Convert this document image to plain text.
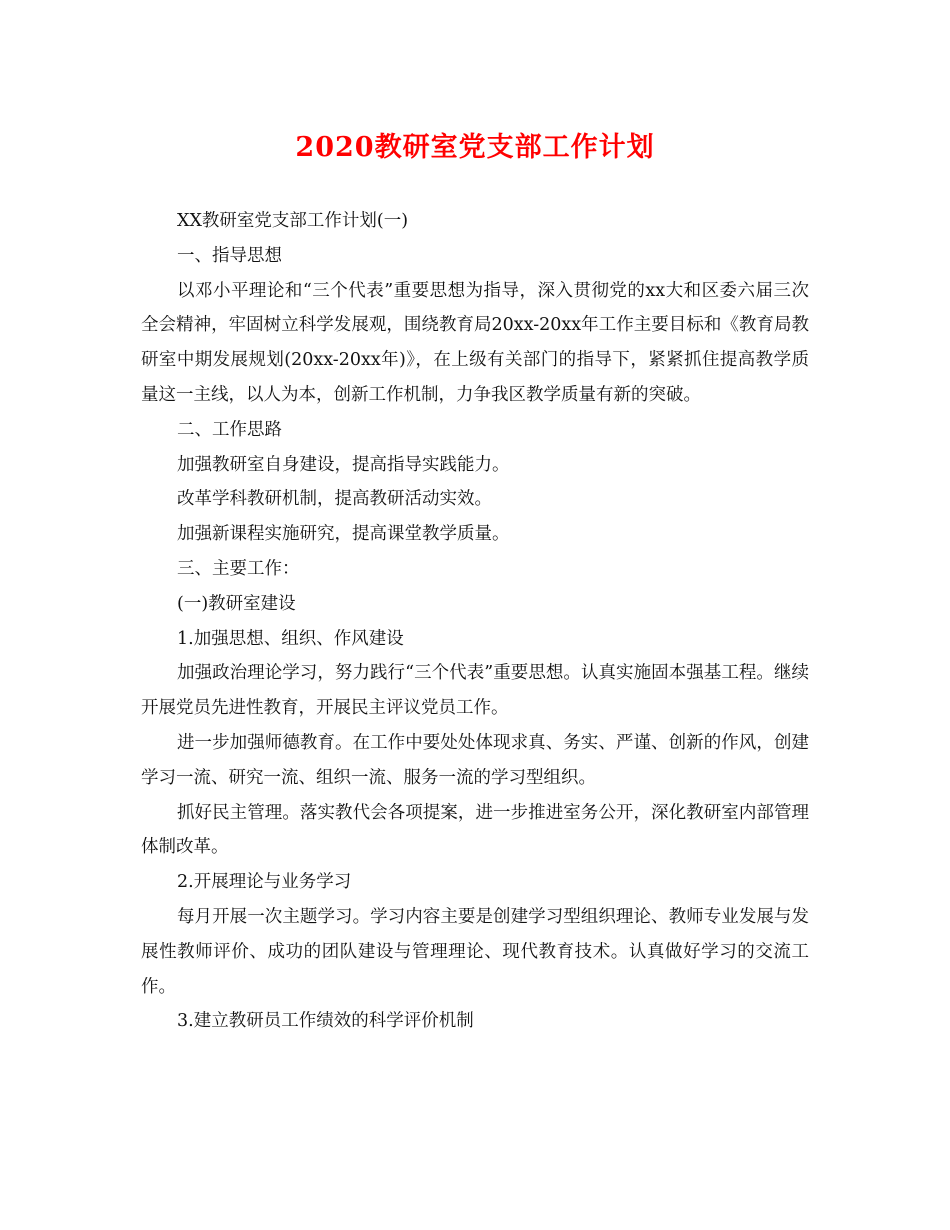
2020教研室党支部工作计划

XX教研室党支部工作计划(一)

一、指导思想

以邓小平理论和“三个代表”重要思想为指导，深入贯彻党的xx大和区委六届三次全会精神，牢固树立科学发展观，围绕教育局20xx-20xx年工作主要目标和《教育局教研室中期发展规划(20xx-20xx年)》，在上级有关部门的指导下，紧紧抓住提高教学质量这一主线，以人为本，创新工作机制，力争我区教学质量有新的突破。

二、工作思路

加强教研室自身建设，提高指导实践能力。

改革学科教研机制，提高教研活动实效。

加强新课程实施研究，提高课堂教学质量。

三、主要工作：

(一)教研室建设

1.加强思想、组织、作风建设

加强政治理论学习，努力践行“三个代表”重要思想。认真实施固本强基工程。继续开展党员先进性教育，开展民主评议党员工作。

进一步加强师德教育。在工作中要处处体现求真、务实、严谨、创新的作风，创建学习一流、研究一流、组织一流、服务一流的学习型组织。

抓好民主管理。落实教代会各项提案，进一步推进室务公开，深化教研室内部管理体制改革。

2.开展理论与业务学习

每月开展一次主题学习。学习内容主要是创建学习型组织理论、教师专业发展与发展性教师评价、成功的团队建设与管理理论、现代教育技术。认真做好学习的交流工作。

3.建立教研员工作绩效的科学评价机制
